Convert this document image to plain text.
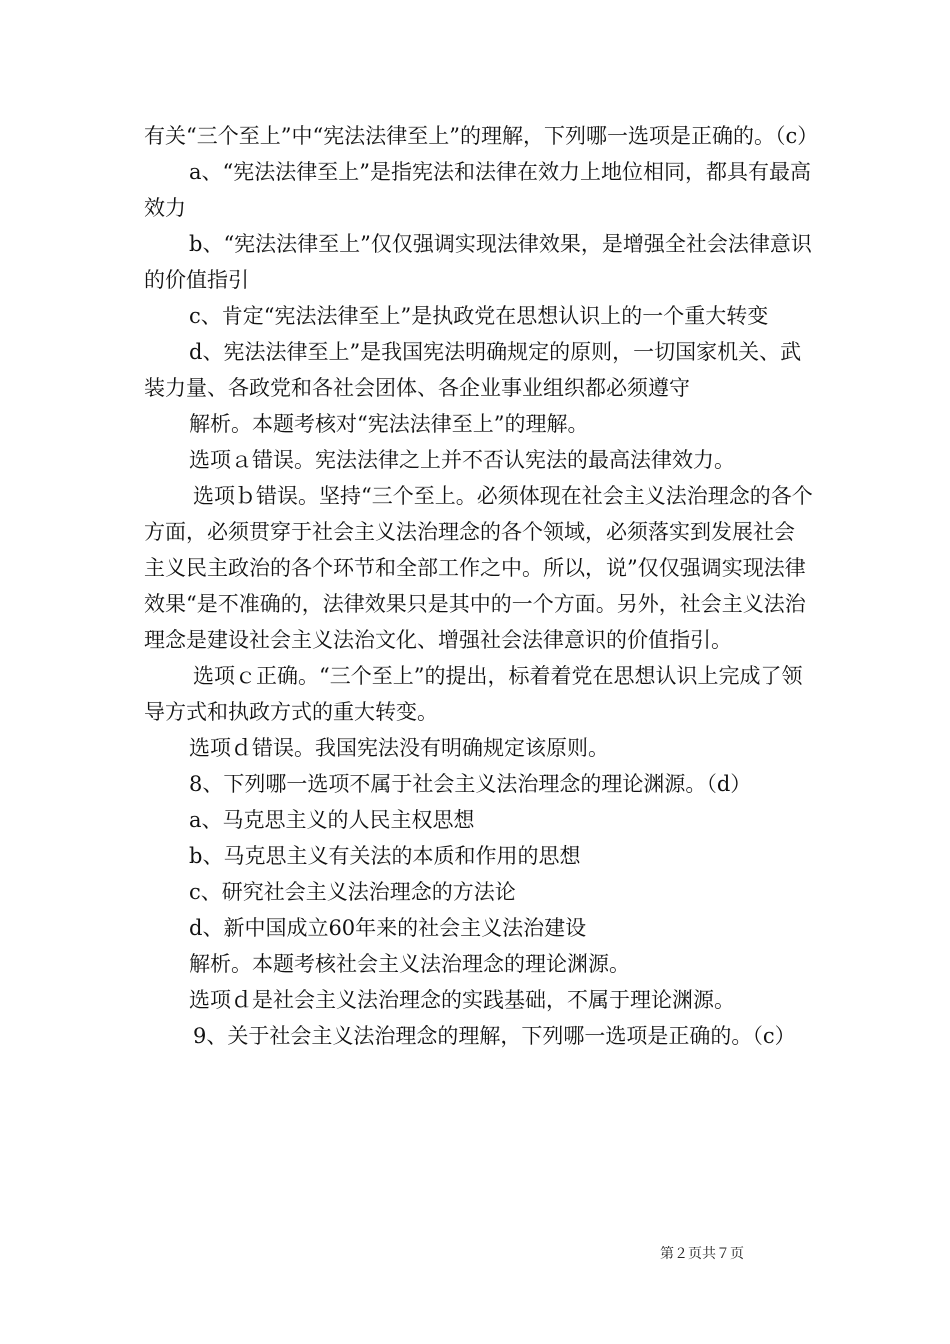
有关“三个至上”中“宪法法律至上”的理解，下列哪一选项是正确的。（c）

a、“宪法法律至上”是指宪法和法律在效力上地位相同，都具有最高效力

b、“宪法法律至上”仅仅强调实现法律效果，是增强全社会法律意识的价值指引

c、肯定“宪法法律至上”是执政党在思想认识上的一个重大转变

d、宪法法律至上”是我国宪法明确规定的原则，一切国家机关、武装力量、各政党和各社会团体、各企业事业组织都必须遵守

解析。本题考核对“宪法法律至上”的理解。

选项ａ错误。宪法法律之上并不否认宪法的最高法律效力。

选项ｂ错误。坚持“三个至上。必须体现在社会主义法治理念的各个方面，必须贯穿于社会主义法治理念的各个领域，必须落实到发展社会主义民主政治的各个环节和全部工作之中。所以，说”仅仅强调实现法律效果“是不准确的，法律效果只是其中的一个方面。另外，社会主义法治理念是建设社会主义法治文化、增强社会法律意识的价值指引。

选项ｃ正确。“三个至上”的提出，标着着党在思想认识上完成了领导方式和执政方式的重大转变。

选项ｄ错误。我国宪法没有明确规定该原则。

8、下列哪一选项不属于社会主义法治理念的理论渊源。（d）

a、马克思主义的人民主权思想

b、马克思主义有关法的本质和作用的思想

c、研究社会主义法治理念的方法论

d、新中国成立60年来的社会主义法治建设

解析。本题考核社会主义法治理念的理论渊源。

选项ｄ是社会主义法治理念的实践基础，不属于理论渊源。

9、关于社会主义法治理念的理解，下列哪一选项是正确的。（c）

第２页共７页
